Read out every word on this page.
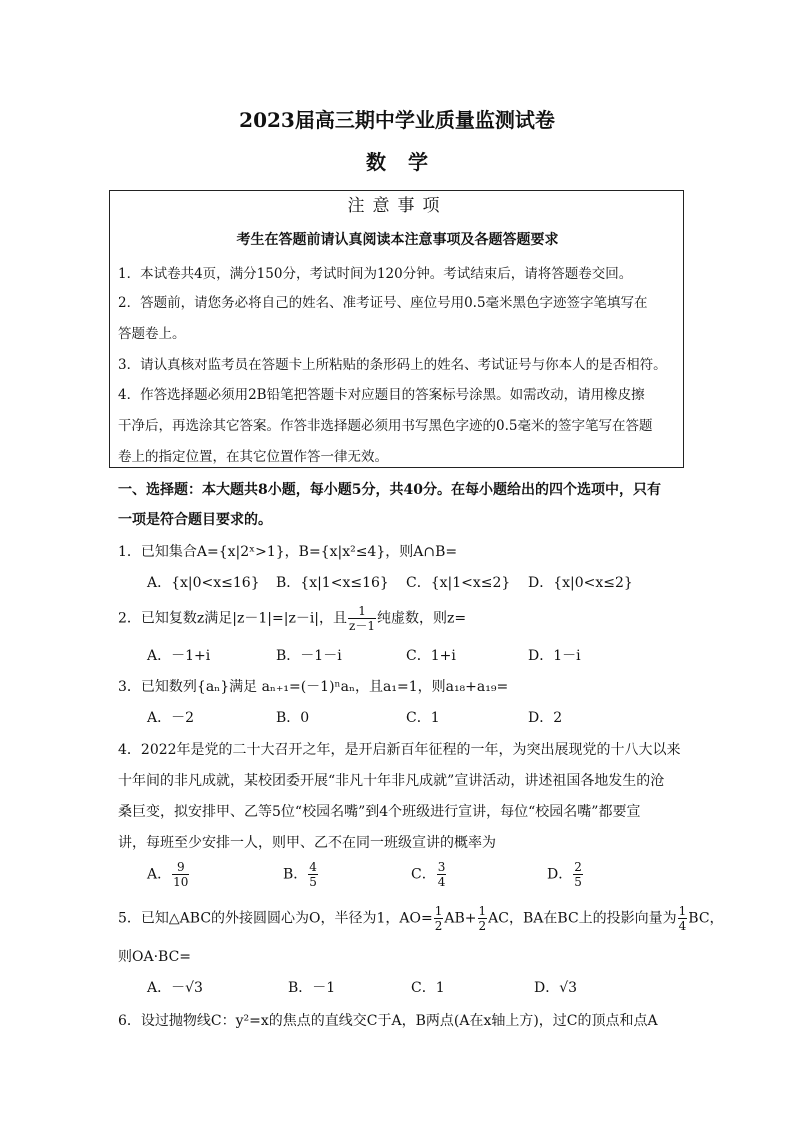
2023届高三期中学业质量监测试卷
数学
注意事项
考生在答题前请认真阅读本注意事项及各题答题要求
1．本试卷共4页，满分150分，考试时间为120分钟。考试结束后，请将答题卷交回。
2．答题前，请您务必将自己的姓名、准考证号、座位号用0.5毫米黑色字迹签字笔填写在
答题卷上。
3．请认真核对监考员在答题卡上所粘贴的条形码上的姓名、考试证号与你本人的是否相符。
4．作答选择题必须用2B铅笔把答题卡对应题目的答案标号涂黑。如需改动，请用橡皮擦
干净后，再选涂其它答案。作答非选择题必须用书写黑色字迹的0.5毫米的签字笔写在答题
卷上的指定位置，在其它位置作答一律无效。
一、选择题：本大题共8小题，每小题5分，共40分。在每小题给出的四个选项中，只有
一项是符合题目要求的。
1．已知集合A={x|2ˣ>1}，B={x|x²≤4}，则A∩B=
A．{x|0<x≤16} B．{x|1<x≤16} C．{x|1<x≤2} D．{x|0<x≤2}
2．已知复数z满足|z－1|=|z－i|，且 $\frac{1}{z-1}$ 纯虚数，则z=
A．－1+i	B．－1－i	C．1+i	D．1－i
3．已知数列{aₙ}满足 aₙ₊₁=(－1)ⁿaₙ，且a₁=1，则a₁₈+a₁₉=
A．－2	B．0	C．1	D．2
4．2022年是党的二十大召开之年，是开启新百年征程的一年，为突出展现党的十八大以来
十年间的非凡成就，某校团委开展“非凡十年非凡成就”宣讲活动，讲述祖国各地发生的沧
桑巨变，拟安排甲、乙等5位“校园名嘴”到4个班级进行宣讲，每位“校园名嘴”都要宣
讲，每班至少安排一人，则甲、乙不在同一班级宣讲的概率为
A． $\frac{9}{10}$	B． $\frac{4}{5}$	C． $\frac{3}{4}$	D． $\frac{2}{5}$
5．已知△ABC的外接圆圆心为O，半径为1，$AO= \frac{1}{2} AB+ \frac{1}{2}$ AC，BA在BC上的投影向量为 $\frac{1}{4}$ BC，
则OA·BC=
A．－√3	B．－1	C．1	D．√3
6．设过抛物线C：y²=x的焦点的直线交C于A，B两点(A在x轴上方)，过C的顶点和点A
